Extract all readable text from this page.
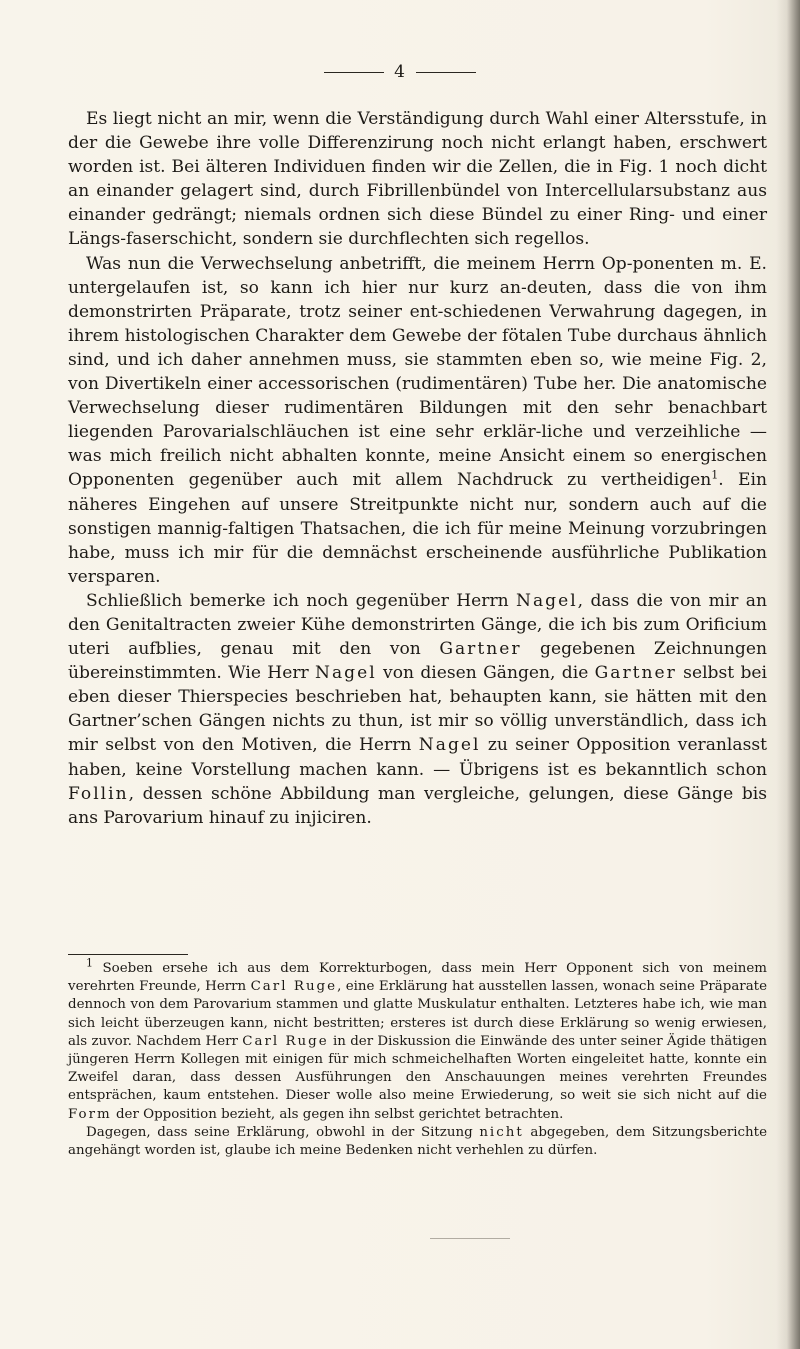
4

Es liegt nicht an mir, wenn die Verständigung durch Wahl einer Altersstufe, in der die Gewebe ihre volle Differenzirung noch nicht erlangt haben, erschwert worden ist. Bei älteren Individuen finden wir die Zellen, die in Fig. 1 noch dicht an einander gelagert sind, durch Fibrillenbündel von Intercellularsubstanz aus einander gedrängt; niemals ordnen sich diese Bündel zu einer Ring- und einer Längs-faserschicht, sondern sie durchflechten sich regellos.

Was nun die Verwechselung anbetrifft, die meinem Herrn Op-ponenten m. E. untergelaufen ist, so kann ich hier nur kurz an-deuten, dass die von ihm demonstrirten Präparate, trotz seiner ent-schiedenen Verwahrung dagegen, in ihrem histologischen Charakter dem Gewebe der fötalen Tube durchaus ähnlich sind, und ich daher annehmen muss, sie stammten eben so, wie meine Fig. 2, von Divertikeln einer accessorischen (rudimentären) Tube her. Die anatomische Verwechselung dieser rudimentären Bildungen mit den sehr benachbart liegenden Parovarialschläuchen ist eine sehr erklär-liche und verzeihliche — was mich freilich nicht abhalten konnte, meine Ansicht einem so energischen Opponenten gegenüber auch mit allem Nachdruck zu vertheidigen$^1$. Ein näheres Eingehen auf unsere Streitpunkte nicht nur, sondern auch auf die sonstigen mannig-faltigen Thatsachen, die ich für meine Meinung vorzubringen habe, muss ich mir für die demnächst erscheinende ausführliche Publikation versparen.

Schließlich bemerke ich noch gegenüber Herrn Nagel, dass die von mir an den Genitaltracten zweier Kühe demonstrirten Gänge, die ich bis zum Orificium uteri aufblies, genau mit den von Gartner gegebenen Zeichnungen übereinstimmten. Wie Herr Nagel von diesen Gängen, die Gartner selbst bei eben dieser Thierspecies beschrieben hat, behaupten kann, sie hätten mit den Gartner’schen Gängen nichts zu thun, ist mir so völlig unverständlich, dass ich mir selbst von den Motiven, die Herrn Nagel zu seiner Opposition veranlasst haben, keine Vorstellung machen kann. — Übrigens ist es bekanntlich schon Follin, dessen schöne Abbildung man vergleiche, gelungen, diese Gänge bis ans Parovarium hinauf zu injiciren.

$^1$ Soeben ersehe ich aus dem Korrekturbogen, dass mein Herr Opponent sich von meinem verehrten Freunde, Herrn Carl Ruge, eine Erklärung hat ausstellen lassen, wonach seine Präparate dennoch von dem Parovarium stammen und glatte Muskulatur enthalten. Letzteres habe ich, wie man sich leicht überzeugen kann, nicht bestritten; ersteres ist durch diese Erklärung so wenig erwiesen, als zuvor. Nachdem Herr Carl Ruge in der Diskussion die Einwände des unter seiner Ägide thätigen jüngeren Herrn Kollegen mit einigen für mich schmeichelhaften Worten eingeleitet hatte, konnte ein Zweifel daran, dass dessen Ausführungen den Anschauungen meines verehrten Freundes entsprächen, kaum entstehen. Dieser wolle also meine Erwiederung, so weit sie sich nicht auf die Form der Opposition bezieht, als gegen ihn selbst gerichtet betrachten.

Dagegen, dass seine Erklärung, obwohl in der Sitzung nicht abgegeben, dem Sitzungsberichte angehängt worden ist, glaube ich meine Bedenken nicht verhehlen zu dürfen.
